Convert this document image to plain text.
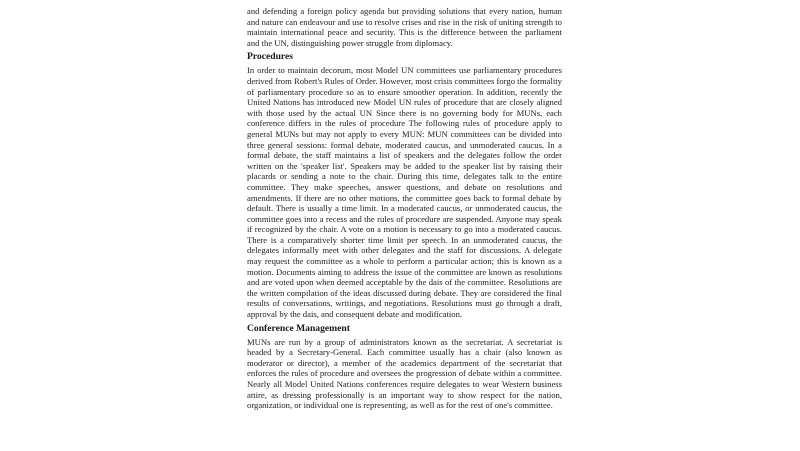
and defending a foreign policy agenda but providing solutions that every nation, human and nature can endeavour and use to resolve crises and rise in the risk of uniting strength to maintain international peace and security. This is the difference between the parliament and the UN, distinguishing power struggle from diplomacy.

Procedures

In order to maintain decorum, most Model UN committees use parliamentary procedures derived from Robert's Rules of Order. However, most crisis committees forgo the formality of parliamentary procedure so as to ensure smoother operation. In addition, recently the United Nations has introduced new Model UN rules of procedure that are closely aligned with those used by the actual UN Since there is no governing body for MUNs, each conference differs in the rules of procedure The following rules of procedure apply to general MUNs but may not apply to every MUN: MUN committees can be divided into three general sessions: formal debate, moderated caucus, and unmoderated caucus. In a formal debate, the staff maintains a list of speakers and the delegates follow the order written on the 'speaker list'. Speakers may be added to the speaker list by raising their placards or sending a note to the chair. During this time, delegates talk to the entire committee. They make speeches, answer questions, and debate on resolutions and amendments. If there are no other motions, the committee goes back to formal debate by default. There is usually a time limit. In a moderated caucus, or unmoderated caucus, the committee goes into a recess and the rules of procedure are suspended. Anyone may speak if recognized by the chair. A vote on a motion is necessary to go into a moderated caucus. There is a comparatively shorter time limit per speech. In an unmoderated caucus, the delegates informally meet with other delegates and the staff for discussions. A delegate may request the committee as a whole to perform a particular action; this is known as a motion. Documents aiming to address the issue of the committee are known as resolutions and are voted upon when deemed acceptable by the dais of the committee. Resolutions are the written compilation of the ideas discussed during debate. They are considered the final results of conversations, writings, and negotiations. Resolutions must go through a draft, approval by the dais, and consequent debate and modification.

Conference Management

MUNs are run by a group of administrators known as the secretariat. A secretariat is headed by a Secretary-General. Each committee usually has a chair (also known as moderator or director), a member of the academics department of the secretariat that enforces the rules of procedure and oversees the progression of debate within a committee. Nearly all Model United Nations conferences require delegates to wear Western business attire, as dressing professionally is an important way to show respect for the nation, organization, or individual one is representing, as well as for the rest of one's committee.
